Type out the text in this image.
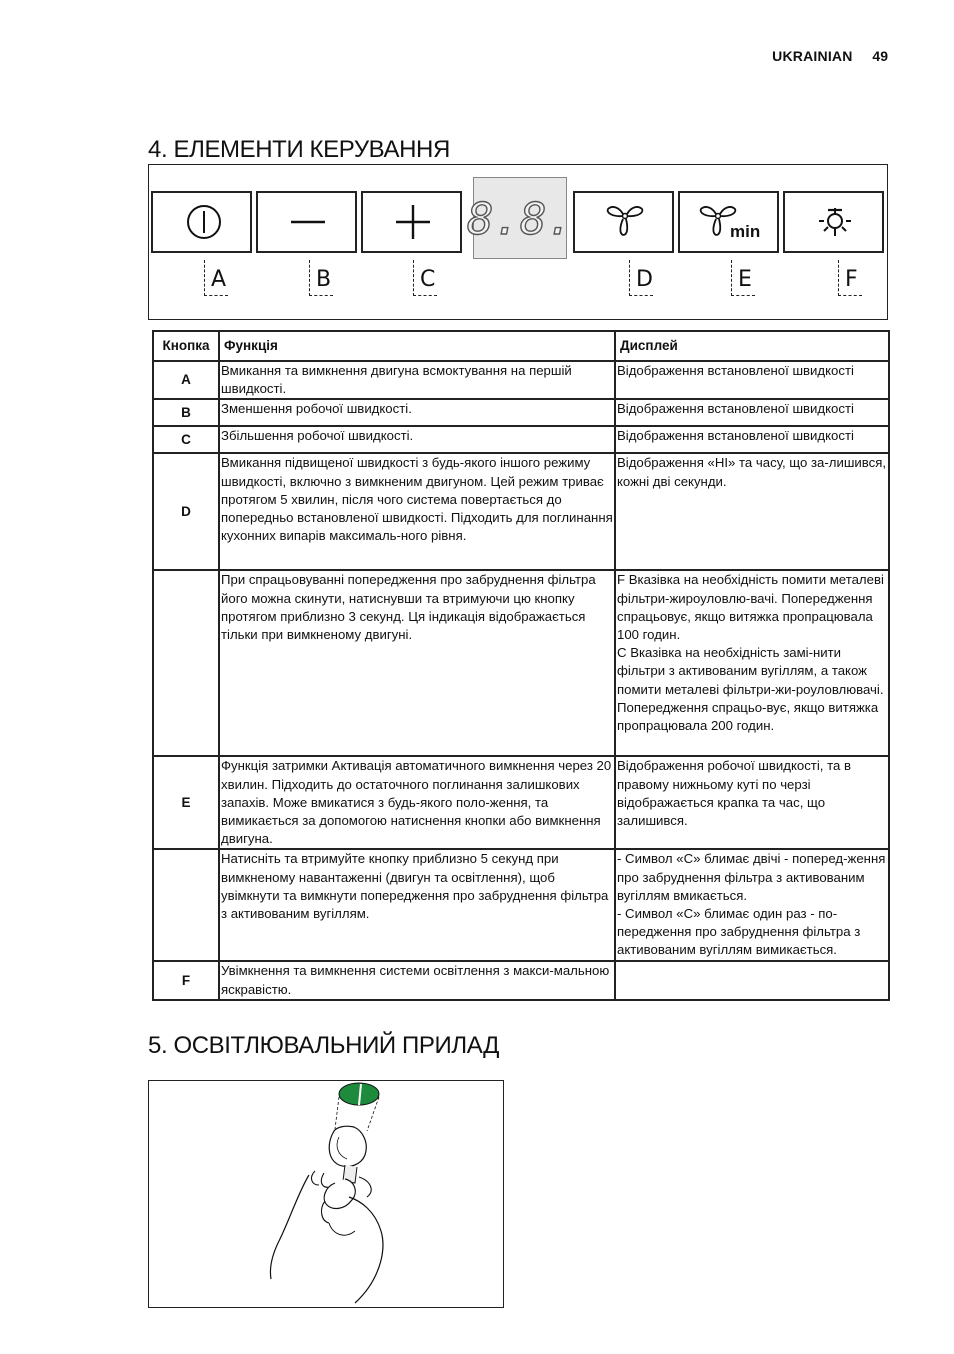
UKRAINIAN 49
4. ЕЛЕМЕНТИ КЕРУВАННЯ
8.8.	min
A	B	C	D	E	F
Кнопка	Функція	Дисплей
A	Вмикання та вимкнення двигуна всмоктування на першій швидкості.	Відображення встановленої швидкості
B	Зменшення робочої швидкості.	Відображення встановленої швидкості
C	Збільшення робочої швидкості.	Відображення встановленої швидкості
D	Вмикання підвищеної швидкості з будь-якого іншого режиму швидкості, включно з вимкненим двигуном. Цей режим триває протягом 5 хвилин, після чого система повертається до попередньо встановленої швидкості. Підходить для поглинання кухонних випарів максималь-ного рівня.	Відображення «HI» та часу, що за-лишився, кожні дві секунди.
	При спрацьовуванні попередження про забруднення фільтра його можна скинути, натиснувши та втримуючи цю кнопку протягом приблизно 3 секунд. Ця індикація відображається тільки при вимкненому двигуні.	F Вказівка на необхідність помити металеві фільтри-жироуловлю-вачі. Попередження спрацьовує, якщо витяжка пропрацювала 100 годин.
C Вказівка на необхідність замі-нити фільтри з активованим вугіллям, а також помити металеві фільтри-жи-роуловлювачі. Попередження спрацьо-вує, якщо витяжка пропрацювала 200 годин.
E	Функція затримки Активація автоматичного вимкнення через 20 хвилин. Підходить до остаточного поглинання залишкових запахів. Може вмикатися з будь-якого поло-ження, та вимикається за допомогою натиснення кнопки або вимкнення двигуна.	Відображення робочої швидкості, та в правому нижньому куті по черзі відображається крапка та час, що залишився.
	Натисніть та втримуйте кнопку приблизно 5 секунд при вимкненому навантаженні (двигун та освітлення), щоб увімкнути та вимкнути попередження про забруднення фільтра з активованим вугіллям.	- Символ «C» блимає двічі - поперед-ження про забруднення фільтра з активованим вугіллям вмикається.
- Символ «C» блимає один раз - по-передження про забруднення фільтра з активованим вугіллям вимикається.
F	Увімкнення та вимкнення системи освітлення з макси-мальною яскравістю.	
5. ОСВІТЛЮВАЛЬНИЙ ПРИЛАД
